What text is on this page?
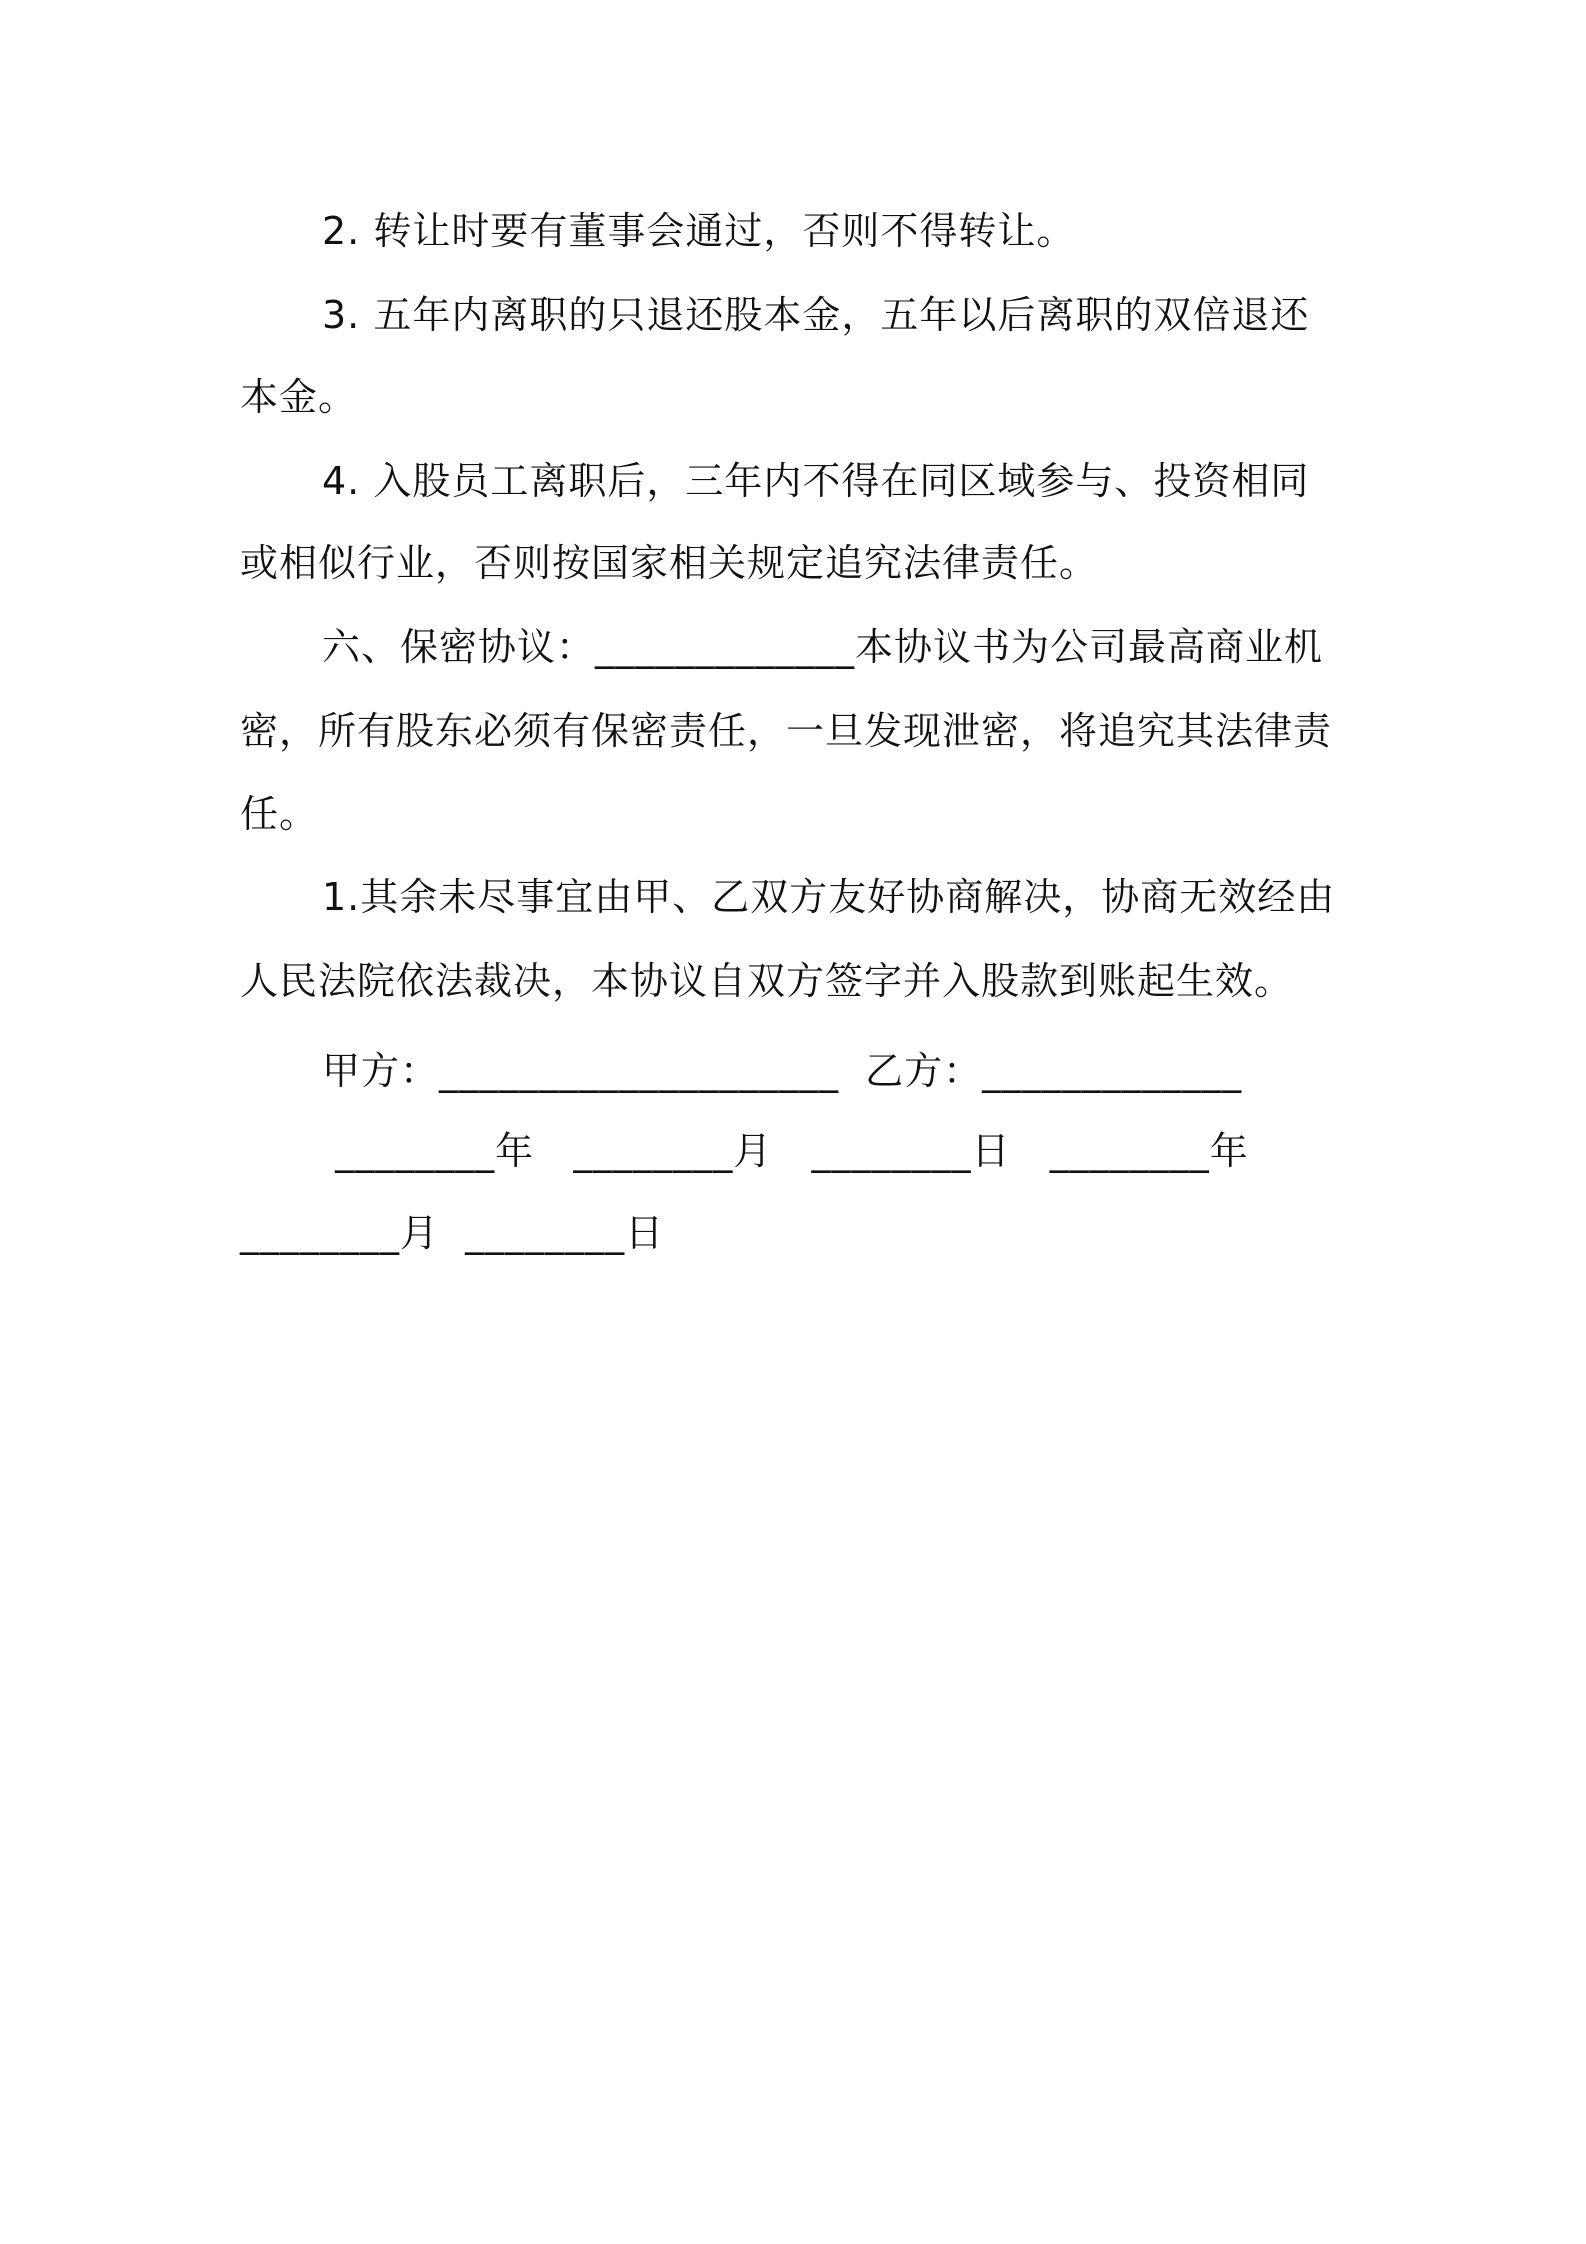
2. 转让时要有董事会通过，否则不得转让。
3. 五年内离职的只退还股本金，五年以后离职的双倍退还
本金。
4. 入股员工离职后，三年内不得在同区域参与、投资相同
或相似行业，否则按国家相关规定追究法律责任。
六、保密协议：_____________本协议书为公司最高商业机
密，所有股东必须有保密责任，一旦发现泄密，将追究其法律责
任。
1.其余未尽事宜由甲、乙双方友好协商解决，协商无效经由
人民法院依法裁决，本协议自双方签字并入股款到账起生效。
甲方：____________________  乙方：_____________
________年   ________月   ________日   ________年
________月  ________日
